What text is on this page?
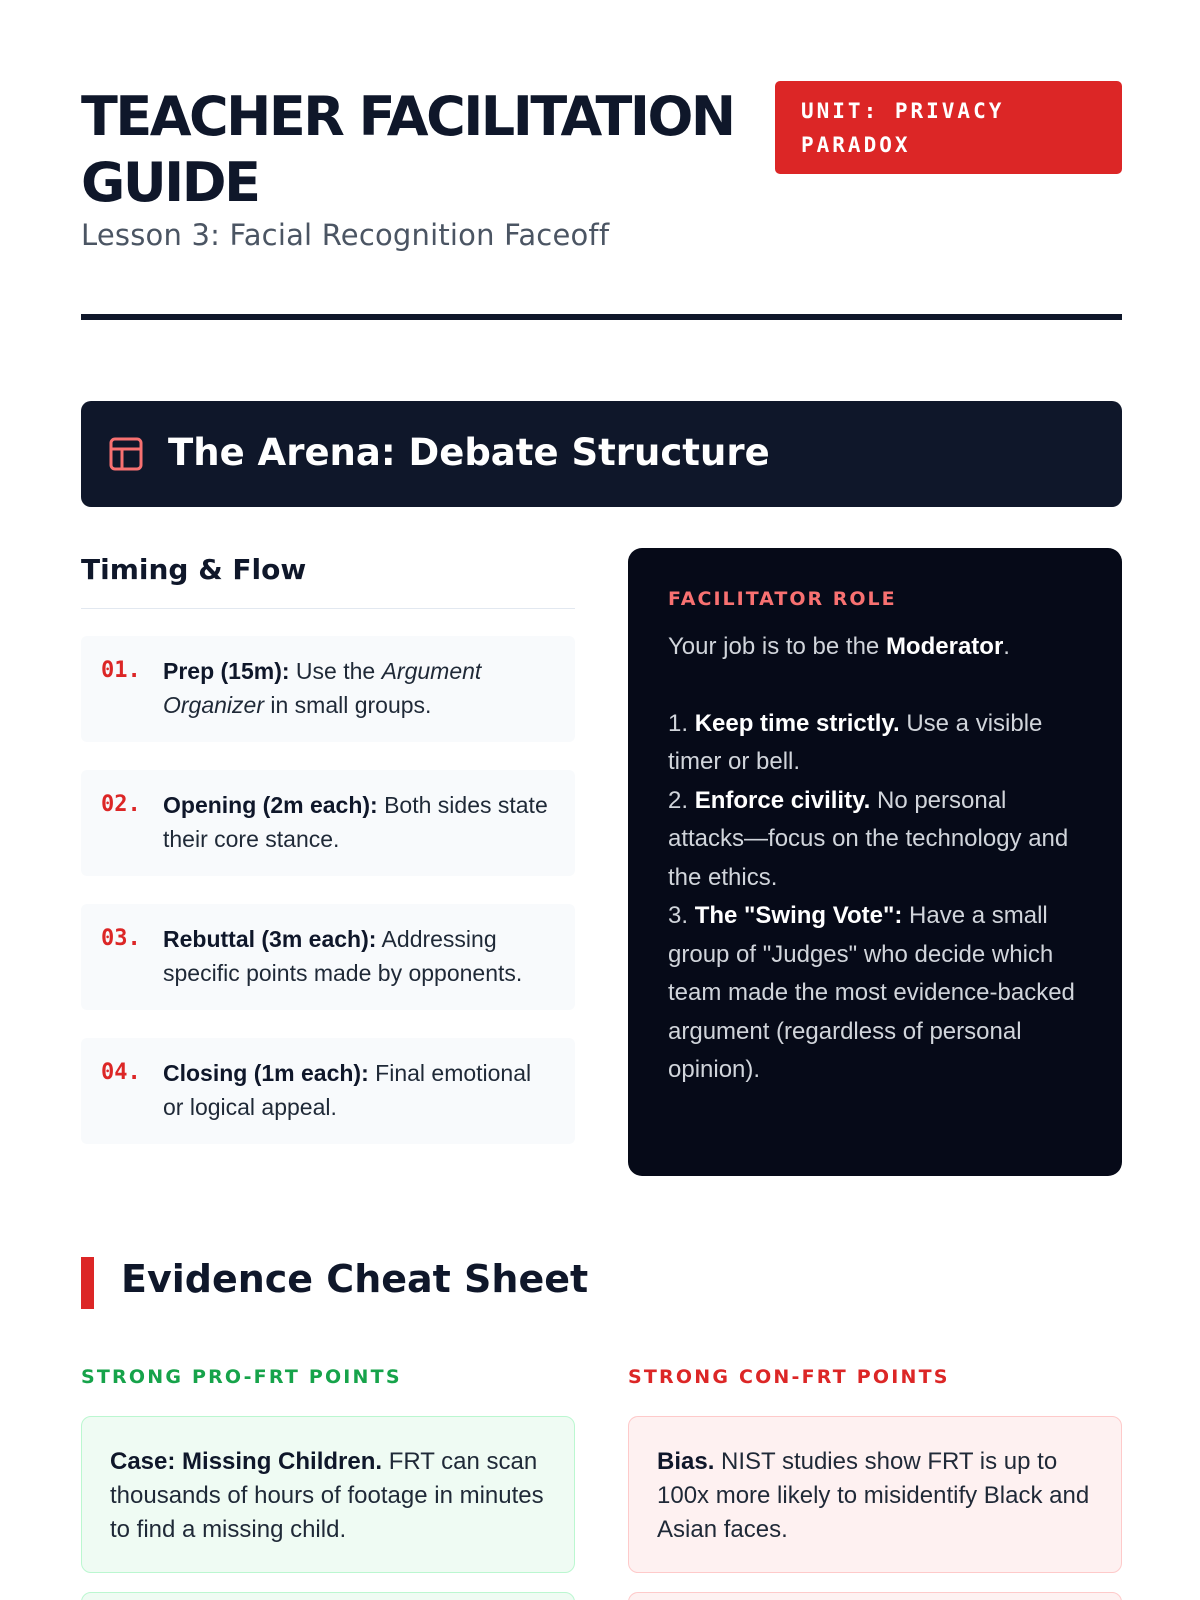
TEACHER FACILITATION GUIDE
Lesson 3: Facial Recognition Faceoff
UNIT: PRIVACY PARADOX
The Arena: Debate Structure
Timing & Flow
01. Prep (15m): Use the Argument Organizer in small groups.
02. Opening (2m each): Both sides state their core stance.
03. Rebuttal (3m each): Addressing specific points made by opponents.
04. Closing (1m each): Final emotional or logical appeal.
FACILITATOR ROLE
Your job is to be the Moderator.
1. Keep time strictly. Use a visible timer or bell.
2. Enforce civility. No personal attacks—focus on the technology and the ethics.
3. The "Swing Vote": Have a small group of "Judges" who decide which team made the most evidence-backed argument (regardless of personal opinion).
Evidence Cheat Sheet
STRONG PRO-FRT POINTS	STRONG CON-FRT POINTS
Case: Missing Children. FRT can scan thousands of hours of footage in minutes to find a missing child.
Bias. NIST studies show FRT is up to 100x more likely to misidentify Black and Asian faces.
